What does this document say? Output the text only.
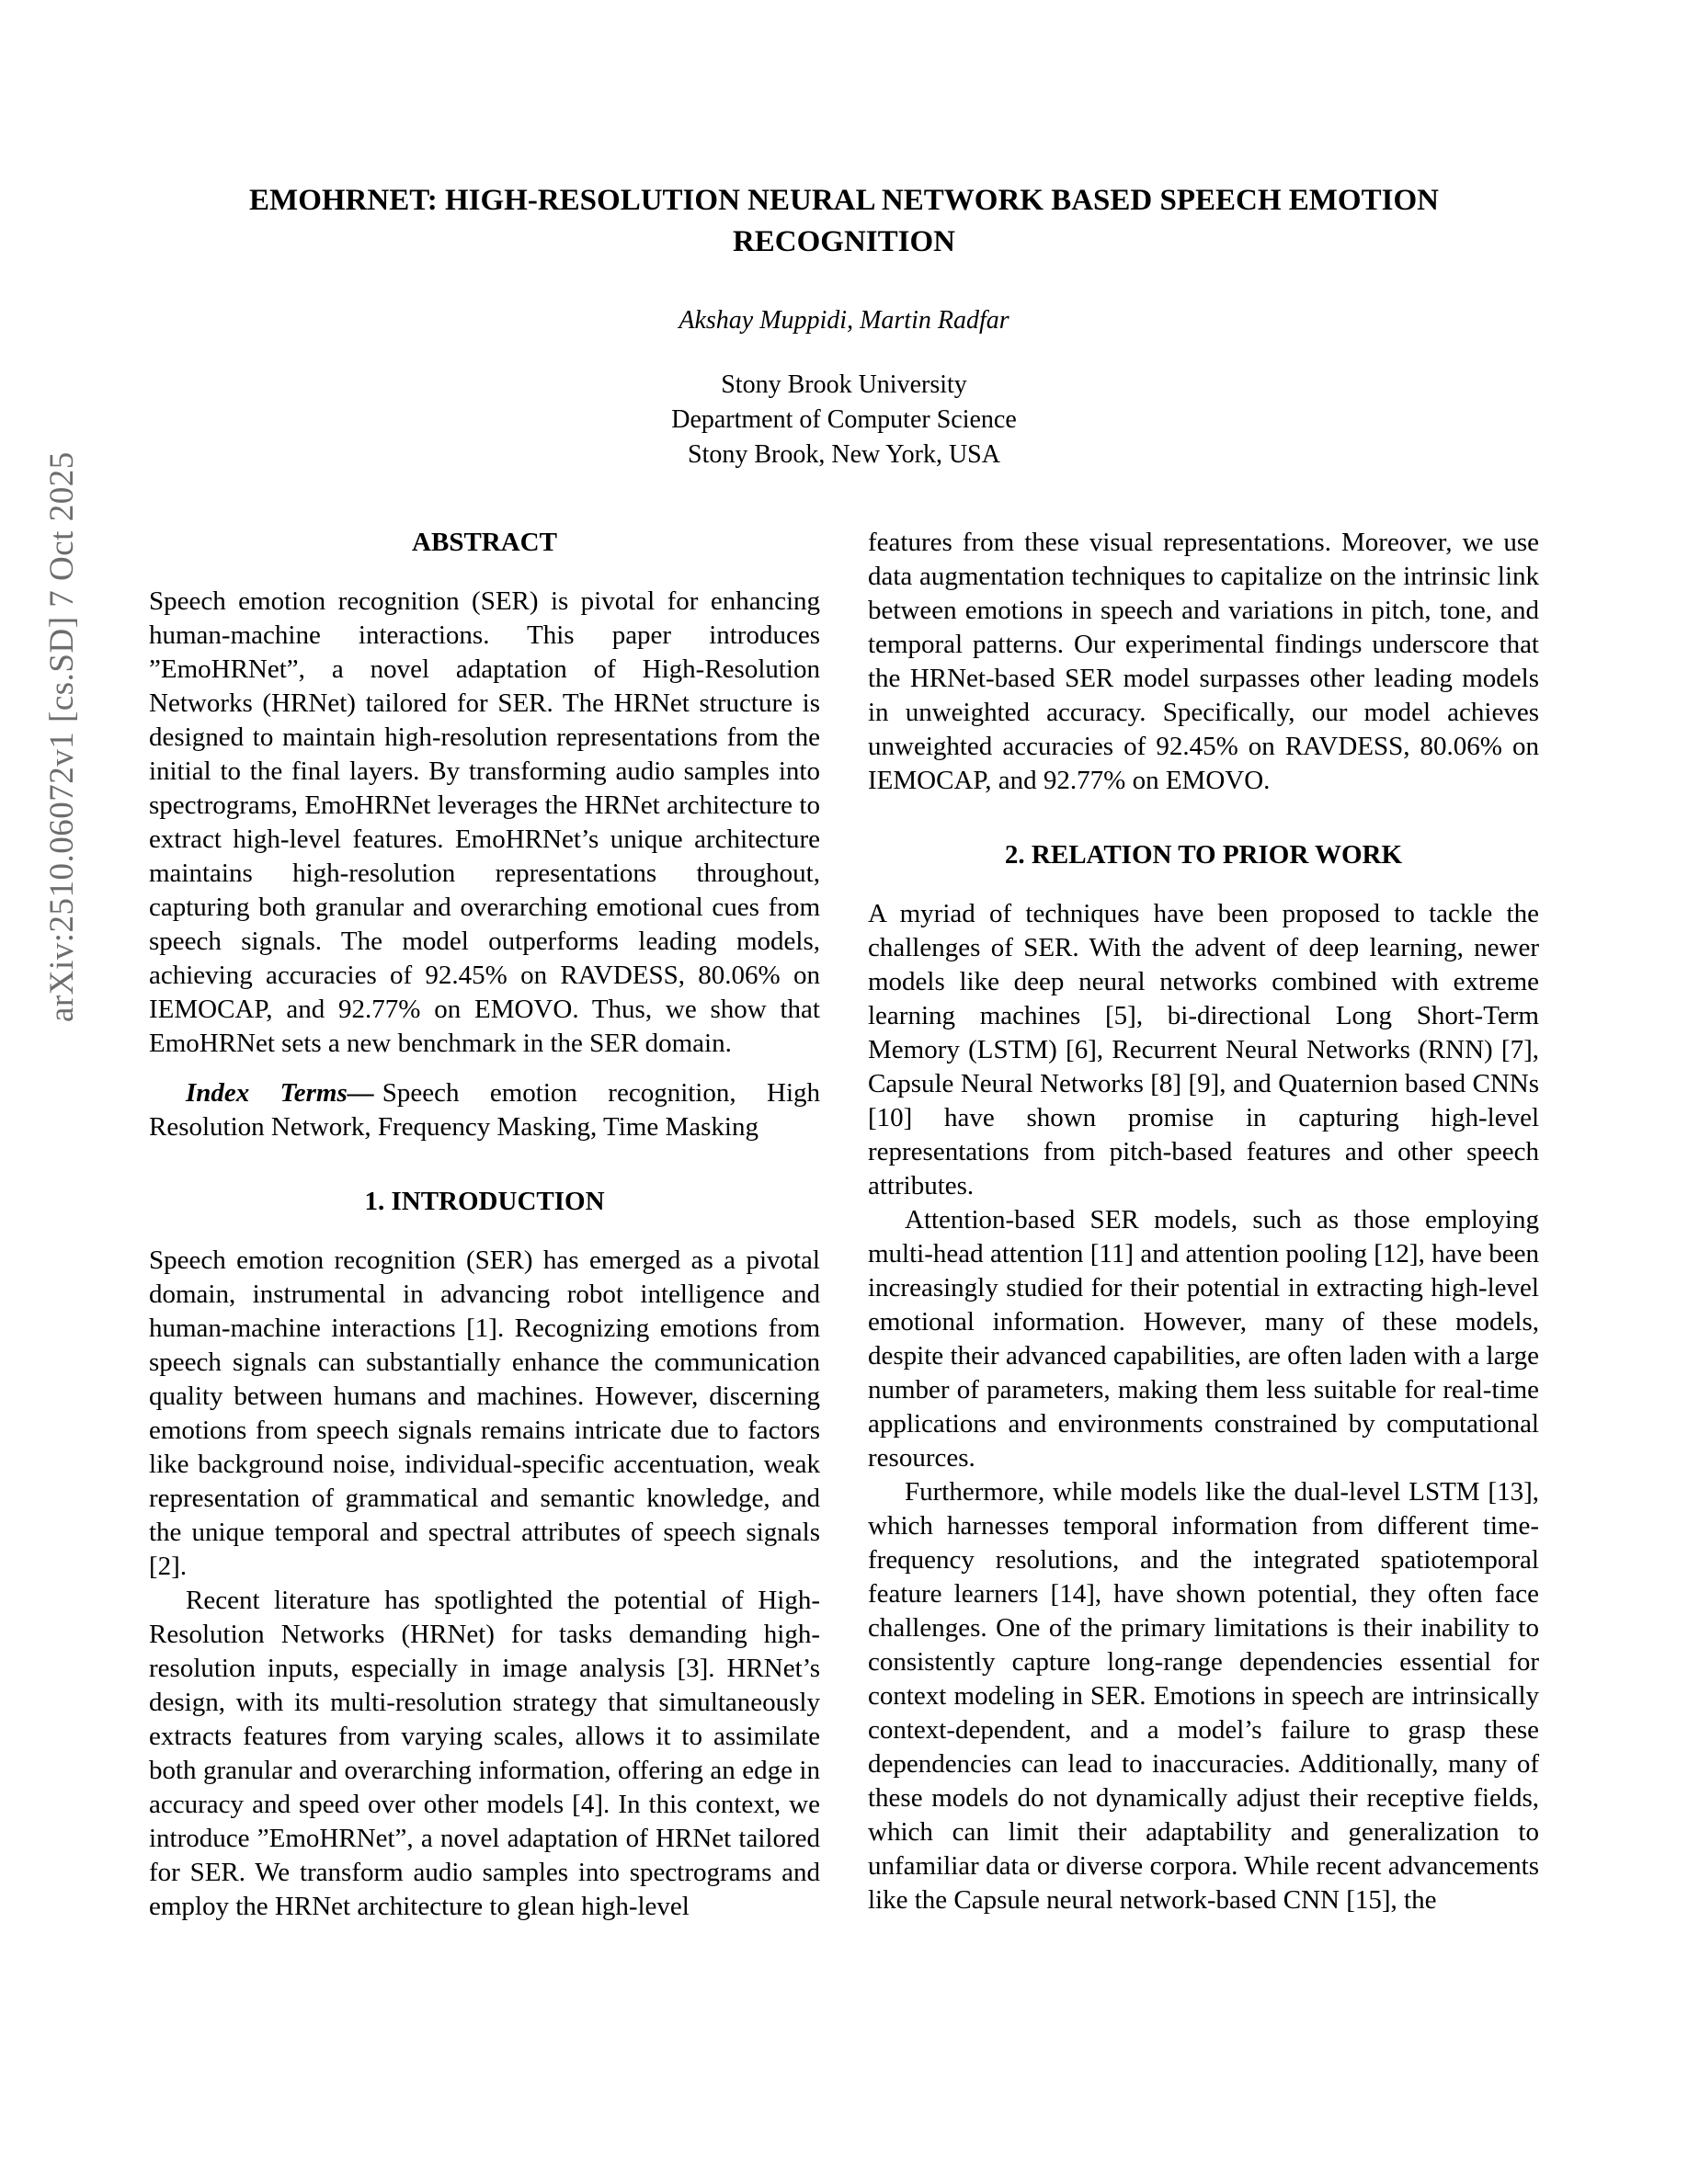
arXiv:2510.06072v1 [cs.SD] 7 Oct 2025
EMOHRNET: HIGH-RESOLUTION NEURAL NETWORK BASED SPEECH EMOTION RECOGNITION
Akshay Muppidi, Martin Radfar
Stony Brook University
Department of Computer Science
Stony Brook, New York, USA
ABSTRACT

Speech emotion recognition (SER) is pivotal for enhancing human-machine interactions. This paper introduces ”EmoHRNet”, a novel adaptation of High-Resolution Networks (HRNet) tailored for SER. The HRNet structure is designed to maintain high-resolution representations from the initial to the final layers. By transforming audio samples into spectrograms, EmoHRNet leverages the HRNet architecture to extract high-level features. EmoHRNet’s unique architecture maintains high-resolution representations throughout, capturing both granular and overarching emotional cues from speech signals. The model outperforms leading models, achieving accuracies of 92.45% on RAVDESS, 80.06% on IEMOCAP, and 92.77% on EMOVO. Thus, we show that EmoHRNet sets a new benchmark in the SER domain.

Index Terms— Speech emotion recognition, High Resolution Network, Frequency Masking, Time Masking

1. INTRODUCTION

Speech emotion recognition (SER) has emerged as a pivotal domain, instrumental in advancing robot intelligence and human-machine interactions [1]. Recognizing emotions from speech signals can substantially enhance the communication quality between humans and machines. However, discerning emotions from speech signals remains intricate due to factors like background noise, individual-specific accentuation, weak representation of grammatical and semantic knowledge, and the unique temporal and spectral attributes of speech signals [2].

Recent literature has spotlighted the potential of High-Resolution Networks (HRNet) for tasks demanding high-resolution inputs, especially in image analysis [3]. HRNet’s design, with its multi-resolution strategy that simultaneously extracts features from varying scales, allows it to assimilate both granular and overarching information, offering an edge in accuracy and speed over other models [4]. In this context, we introduce ”EmoHRNet”, a novel adaptation of HRNet tailored for SER. We transform audio samples into spectrograms and employ the HRNet architecture to glean high-level

features from these visual representations. Moreover, we use data augmentation techniques to capitalize on the intrinsic link between emotions in speech and variations in pitch, tone, and temporal patterns. Our experimental findings underscore that the HRNet-based SER model surpasses other leading models in unweighted accuracy. Specifically, our model achieves unweighted accuracies of 92.45% on RAVDESS, 80.06% on IEMOCAP, and 92.77% on EMOVO.

2. RELATION TO PRIOR WORK

A myriad of techniques have been proposed to tackle the challenges of SER. With the advent of deep learning, newer models like deep neural networks combined with extreme learning machines [5], bi-directional Long Short-Term Memory (LSTM) [6], Recurrent Neural Networks (RNN) [7], Capsule Neural Networks [8] [9], and Quaternion based CNNs [10] have shown promise in capturing high-level representations from pitch-based features and other speech attributes.

Attention-based SER models, such as those employing multi-head attention [11] and attention pooling [12], have been increasingly studied for their potential in extracting high-level emotional information. However, many of these models, despite their advanced capabilities, are often laden with a large number of parameters, making them less suitable for real-time applications and environments constrained by computational resources.

Furthermore, while models like the dual-level LSTM [13], which harnesses temporal information from different time-frequency resolutions, and the integrated spatiotemporal feature learners [14], have shown potential, they often face challenges. One of the primary limitations is their inability to consistently capture long-range dependencies essential for context modeling in SER. Emotions in speech are intrinsically context-dependent, and a model’s failure to grasp these dependencies can lead to inaccuracies. Additionally, many of these models do not dynamically adjust their receptive fields, which can limit their adaptability and generalization to unfamiliar data or diverse corpora. While recent advancements like the Capsule neural network-based CNN [15], the
